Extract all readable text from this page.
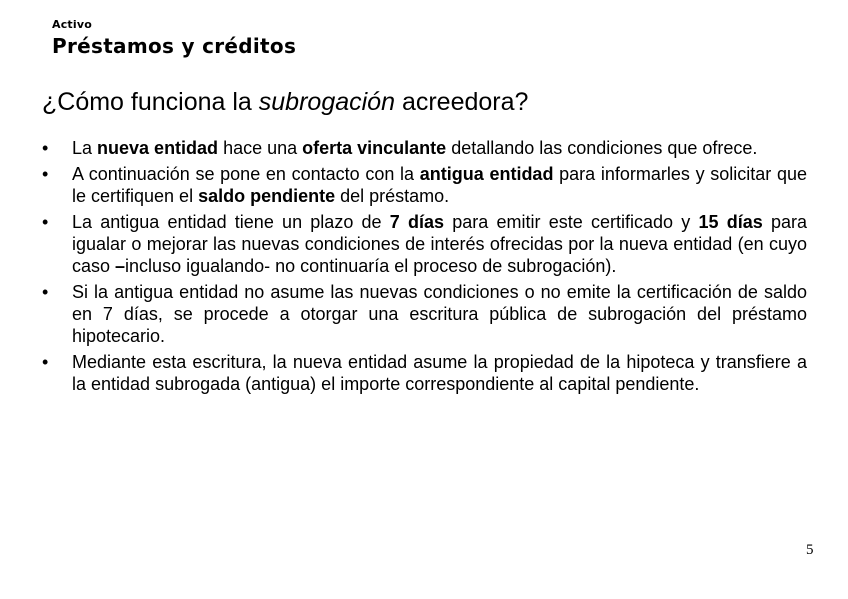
Activo
Préstamos y créditos
¿Cómo funciona la subrogación acreedora?
•	La nueva entidad hace una oferta vinculante detallando las condiciones que ofrece.
•	A continuación se pone en contacto con la antigua entidad para informarles y solicitar que le certifiquen el saldo pendiente del préstamo.
•	La antigua entidad tiene un plazo de 7 días para emitir este certificado y 15 días para igualar o mejorar las nuevas condiciones de interés ofrecidas por la nueva entidad (en cuyo caso –incluso igualando- no continuaría el proceso de subrogación).
•	Si la antigua entidad no asume las nuevas condiciones o no emite la certificación de saldo en 7 días, se procede a otorgar una escritura pública de subrogación del préstamo hipotecario.
•	Mediante esta escritura, la nueva entidad asume la propiedad de la hipoteca y transfiere a la entidad subrogada (antigua) el importe correspondiente al capital pendiente.
5
